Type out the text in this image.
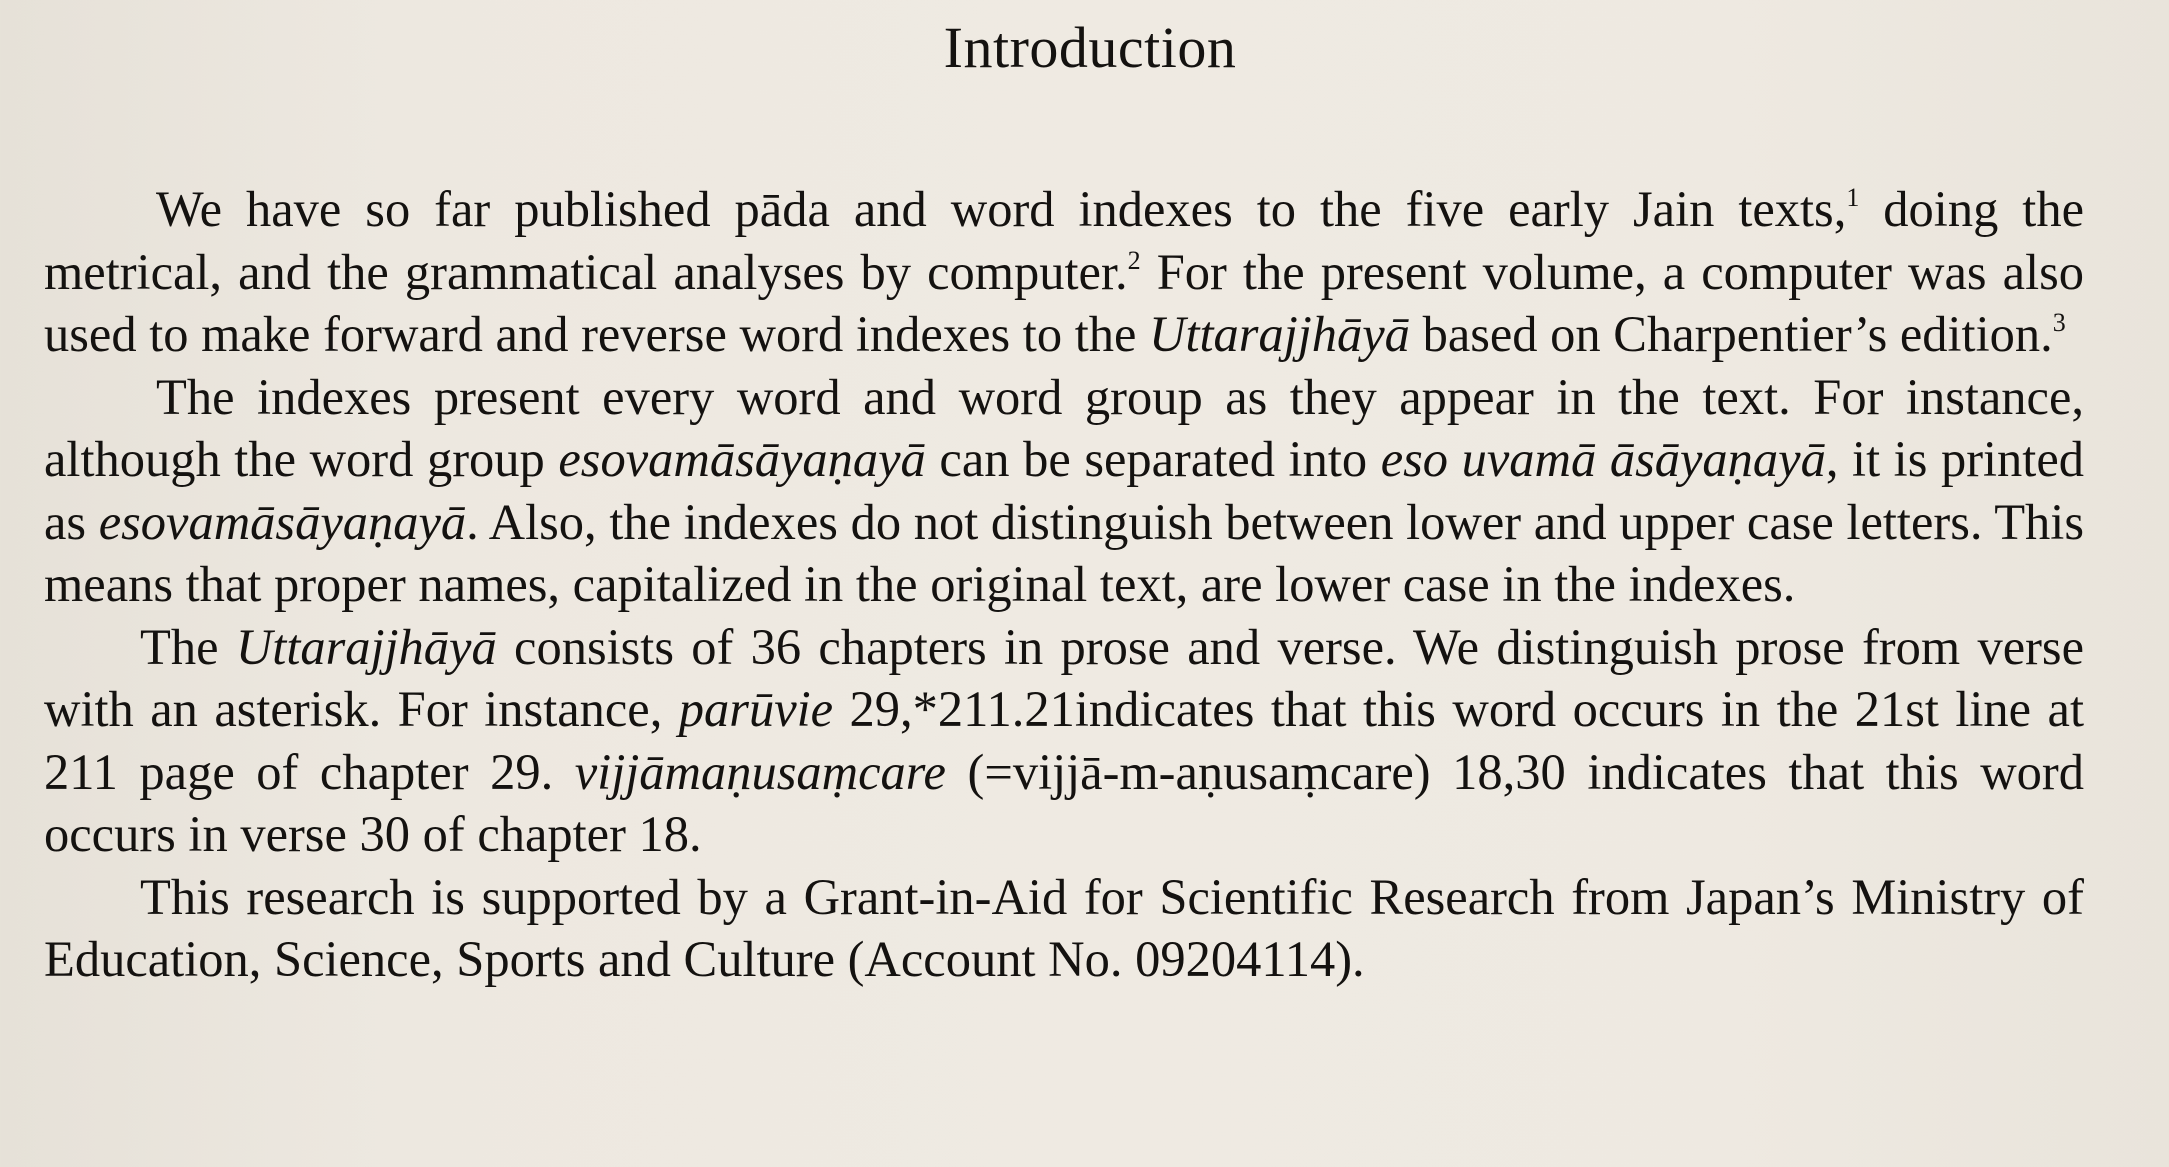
Introduction

We have so far published pāda and word indexes to the five early Jain texts,$^1$ doing the metrical, and the grammatical analyses by computer.$^2$ For the present volume, a computer was also used to make forward and reverse word indexes to the Uttarajjhāyā based on Charpentier’s edition.$^3$

The indexes present every word and word group as they appear in the text. For instance, although the word group esovamāsāyaṇayā can be separated into eso uvamā āsāyaṇayā, it is printed as esovamāsāyaṇayā. Also, the indexes do not distinguish between lower and upper case letters. This means that proper names, capitalized in the original text, are lower case in the indexes.

The Uttarajjhāyā consists of 36 chapters in prose and verse. We distinguish prose from verse with an asterisk. For instance, parūvie 29,*211.21indicates that this word occurs in the 21st line at 211 page of chapter 29. vijjāmaṇusaṃcare (=vijjā-m-aṇusaṃcare) 18,30 indicates that this word occurs in verse 30 of chapter 18.

This research is supported by a Grant-in-Aid for Scientific Research from Japan’s Ministry of Education, Science, Sports and Culture (Account No. 09204114).
